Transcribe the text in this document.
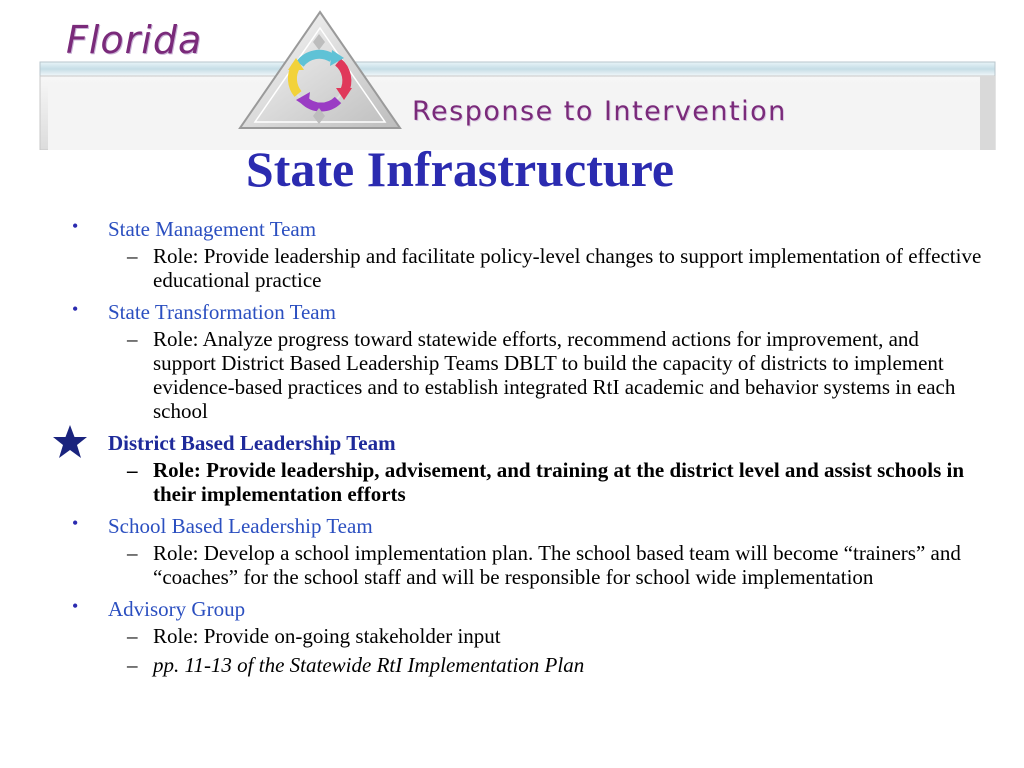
Florida
Response to Intervention
State Infrastructure
• State Management Team
– Role: Provide leadership and facilitate policy-level changes to support implementation of effective educational practice
• State Transformation Team
– Role: Analyze progress toward statewide efforts, recommend actions for improvement, and support District Based Leadership Teams DBLT to build the capacity of districts to implement evidence-based practices and to establish integrated RtI academic and behavior systems in each school
District Based Leadership Team
– Role: Provide leadership, advisement, and training at the district level and assist schools in their implementation efforts
• School Based Leadership Team
– Role: Develop a school implementation plan. The school based team will become “trainers” and “coaches” for the school staff and will be responsible for school wide implementation
• Advisory Group
– Role: Provide on-going stakeholder input
– pp. 11-13 of the Statewide RtI Implementation Plan
